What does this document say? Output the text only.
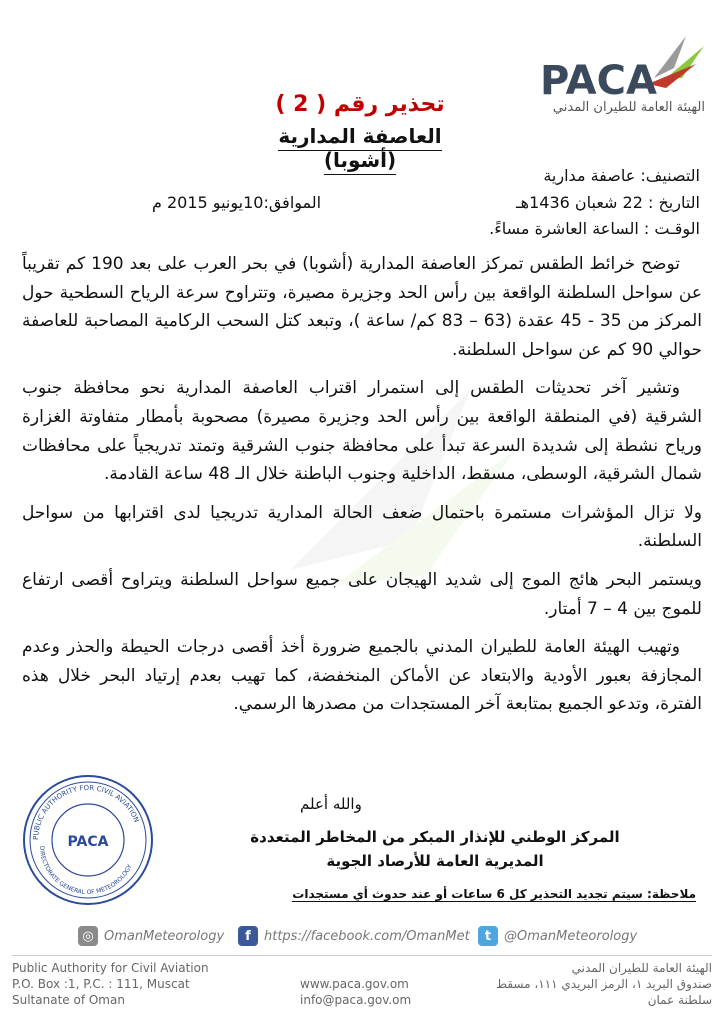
PACA
الهيئة العامة للطيران المدني
تحذير رقم ( 2 )
العاصفة المدارية (أشوبا)
التصنيف: عاصفة مدارية
التاريخ : 22 شعبان 1436هـ
الموافق:10يونيو 2015 م
الوقـت : الساعة العاشرة مساءً.

توضح خرائط الطقس تمركز العاصفة المدارية (أشوبا) في بحر العرب على بعد 190 كم تقريباً عن سواحل السلطنة الواقعة بين رأس الحد وجزيرة مصيرة، وتتراوح سرعة الرياح السطحية حول المركز من 35 - 45 عقدة (63 – 83 كم/ ساعة )، وتبعد كتل السحب الركامية المصاحبة للعاصفة حوالي 90 كم عن سواحل السلطنة.

وتشير آخر تحديثات الطقس إلى استمرار اقتراب العاصفة المدارية نحو محافظة جنوب الشرقية (في المنطقة الواقعة بين رأس الحد وجزيرة مصيرة) مصحوبة بأمطار متفاوتة الغزارة ورياح نشطة إلى شديدة السرعة تبدأ على محافظة جنوب الشرقية وتمتد تدريجياً على محافظات شمال الشرقية، الوسطى، مسقط، الداخلية وجنوب الباطنة خلال الـ 48 ساعة القادمة.

ولا تزال المؤشرات مستمرة باحتمال ضعف الحالة المدارية تدريجيا لدى اقترابها من سواحل السلطنة.

ويستمر البحر هائج الموج إلى شديد الهيجان على جميع سواحل السلطنة ويتراوح أقصى ارتفاع للموج بين 4 – 7 أمتار.

وتهيب الهيئة العامة للطيران المدني بالجميع ضرورة أخذ أقصى درجات الحيطة والحذر وعدم المجازفة بعبور الأودية والابتعاد عن الأماكن المنخفضة، كما تهيب بعدم إرتياد البحر خلال هذه الفترة، وتدعو الجميع بمتابعة آخر المستجدات من مصدرها الرسمي.

والله أعلم
PUBLIC AUTHORITY FOR CIVIL AVIATION
DIRECTORATE GENERAL OF METEOROLOGY
PACA	المركز الوطني للإنذار المبكر من المخاطر المتعددة
المديرية العامة للأرصاد الجوية
ملاحظة: سيتم تجديد التحذير كل 6 ساعات أو عند حدوث أي مستجدات
◎ OmanMeteorology	f	https://facebook.com/OmanMet	t @OmanMeteorology
Public Authority for Civil Aviation
P.O. Box :1, P.C. : 111, Muscat
Sultanate of Oman
www.paca.gov.om
info@paca.gov.om
الهيئة العامة للطيران المدني
صندوق البريد ١، الرمز البريدي ١١١، مسقط
سلطنة عمان
